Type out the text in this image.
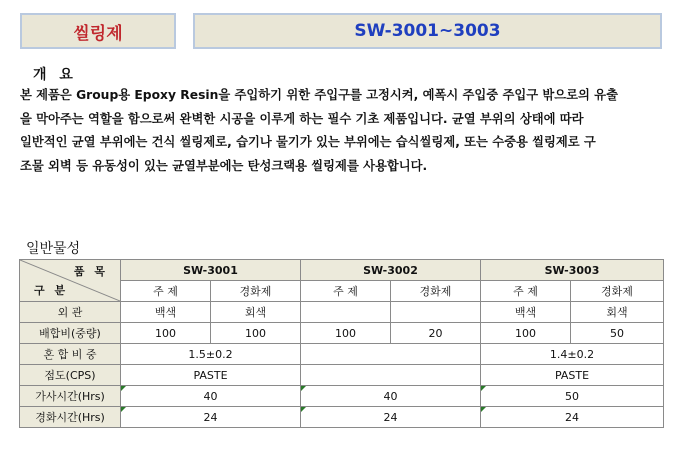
씰링제	SW-3001~3003
개 요
본 제품은 Group용 Epoxy Resin을 주입하기 위한 주입구를 고정시켜, 예폭시 주입중 주입구 밖으로의 유출
을 막아주는 역할을 함으로써 완벽한 시공을 이루게 하는 필수 기초 제품입니다. 균열 부위의 상태에 따라
일반적인 균열 부위에는 건식 씰링제로, 습기나 물기가 있는 부위에는 습식씰링제, 또는 수중용 씰링제로 구
조물 외벽 등 유동성이 있는 균열부분에는 탄성크랙용 씰링제를 사용합니다.
일반물성
품 목
구 분	SW-3001		SW-3002		SW-3003	
	주 제	경화제	주 제	경화제	주 제	경화제
외 관	백색	회색			백색	회색
배합비(중량)	100	100	100	20	100	50
혼 합 비 중	1.5±0.2				1.4±0.2	
점도(CPS)	PASTE				PASTE	
가사시간(Hrs)	40		40		50	
경화시간(Hrs)	24		24		24	
